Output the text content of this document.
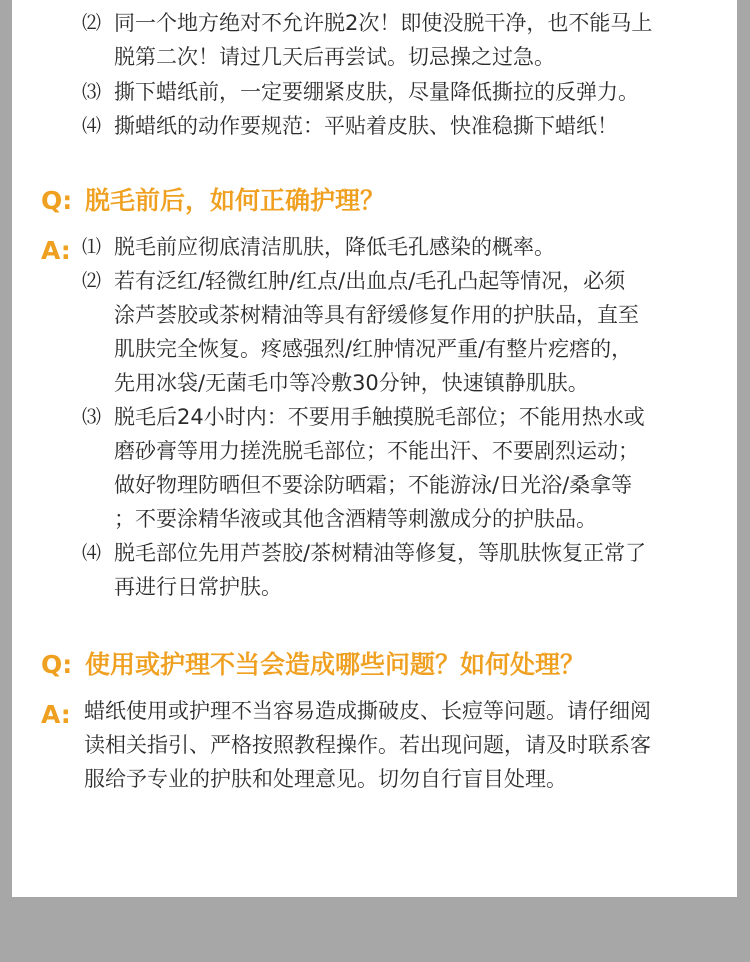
⑵ 同一个地方绝对不允许脱2次！即使没脱干净，也不能马上
脱第二次！请过几天后再尝试。切忌操之过急。
⑶ 撕下蜡纸前，一定要绷紧皮肤，尽量降低撕拉的反弹力。
⑷ 撕蜡纸的动作要规范：平贴着皮肤、快准稳撕下蜡纸！
Q: 脱毛前后，如何正确护理？
A: ⑴ 脱毛前应彻底清洁肌肤，降低毛孔感染的概率。
⑵ 若有泛红/轻微红肿/红点/出血点/毛孔凸起等情况，必须
涂芦荟胶或茶树精油等具有舒缓修复作用的护肤品，直至
肌肤完全恢复。疼感强烈/红肿情况严重/有整片疙瘩的，
先用冰袋/无菌毛巾等冷敷30分钟，快速镇静肌肤。
⑶ 脱毛后24小时内：不要用手触摸脱毛部位；不能用热水或
磨砂膏等用力搓洗脱毛部位；不能出汗、不要剧烈运动；
做好物理防晒但不要涂防晒霜；不能游泳/日光浴/桑拿等
；不要涂精华液或其他含酒精等刺激成分的护肤品。
⑷ 脱毛部位先用芦荟胶/茶树精油等修复，等肌肤恢复正常了
再进行日常护肤。
Q: 使用或护理不当会造成哪些问题？如何处理？
A: 蜡纸使用或护理不当容易造成撕破皮、长痘等问题。请仔细阅
读相关指引、严格按照教程操作。若出现问题，请及时联系客
服给予专业的护肤和处理意见。切勿自行盲目处理。
